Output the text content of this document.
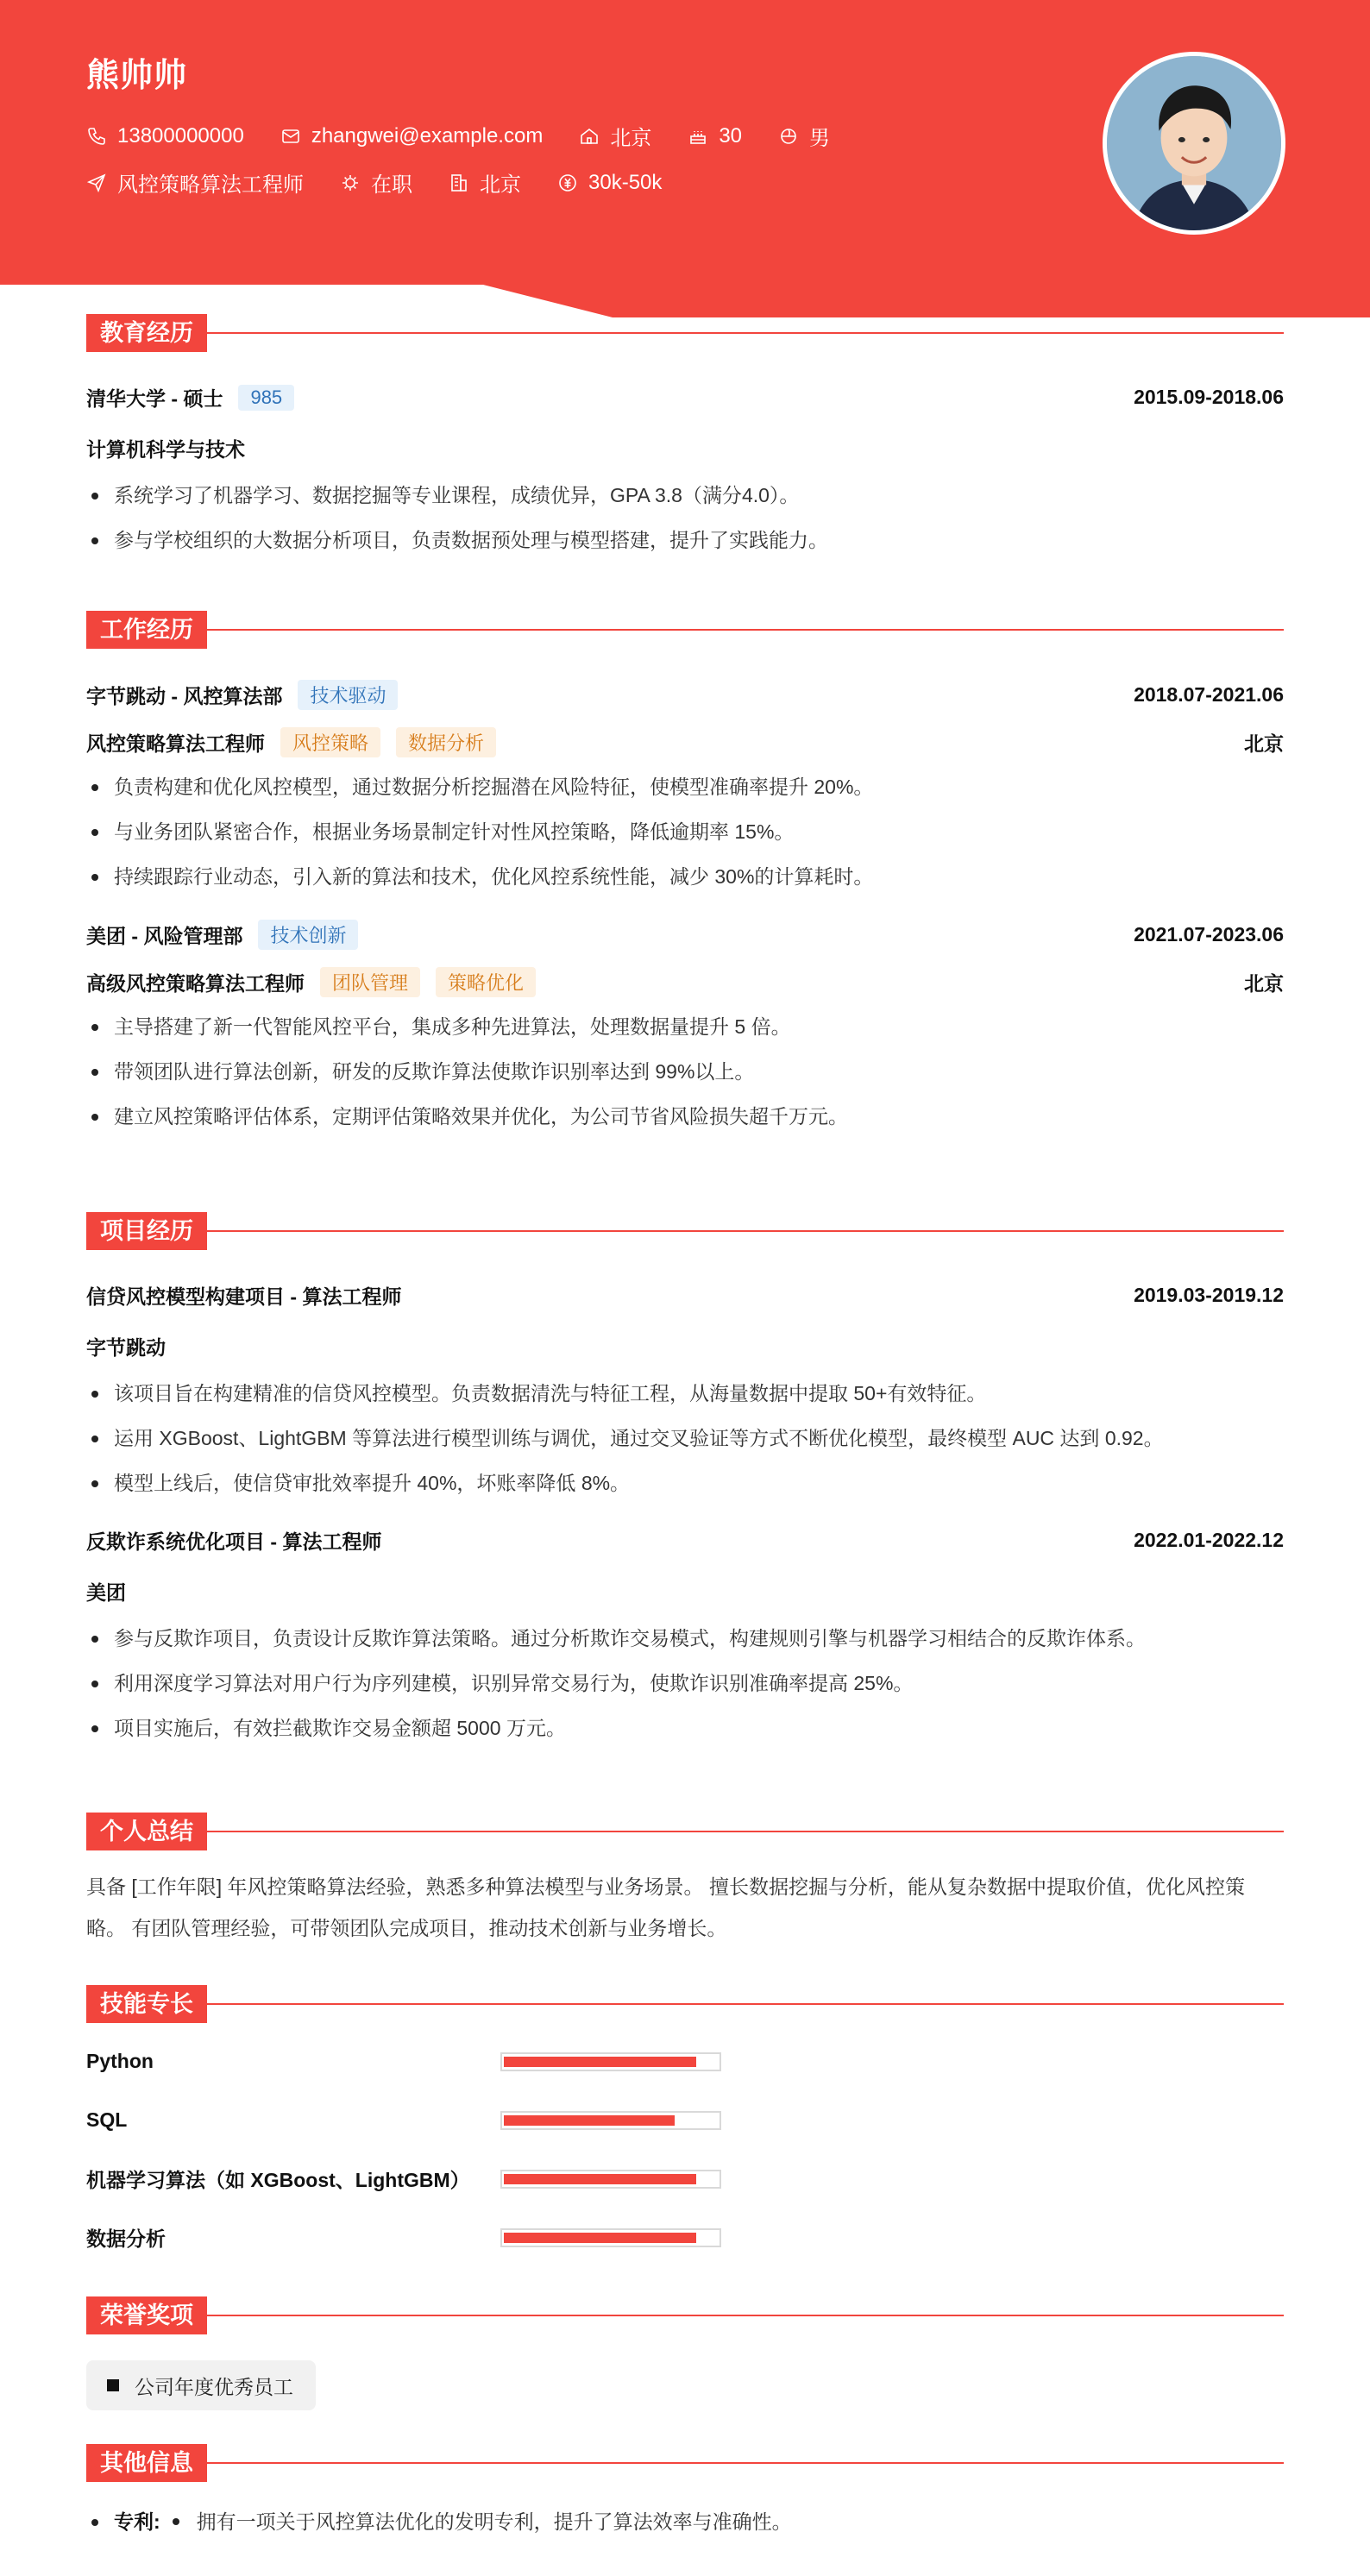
熊帅帅
13800000000	zhangwei@example.com	北京	30	男
风控策略算法工程师	在职	北京	30k-50k
教育经历
清华大学 - 硕士	985	2015.09-2018.06
计算机科学与技术
系统学习了机器学习、数据挖掘等专业课程，成绩优异，GPA 3.8（满分4.0）。
参与学校组织的大数据分析项目，负责数据预处理与模型搭建，提升了实践能力。
工作经历
字节跳动 - 风控算法部	技术驱动	2018.07-2021.06
风控策略算法工程师	风控策略	数据分析	北京
负责构建和优化风控模型，通过数据分析挖掘潜在风险特征，使模型准确率提升 20%。
与业务团队紧密合作，根据业务场景制定针对性风控策略，降低逾期率 15%。
持续跟踪行业动态，引入新的算法和技术，优化风控系统性能，减少 30%的计算耗时。
美团 - 风险管理部	技术创新	2021.07-2023.06
高级风控策略算法工程师	团队管理	策略优化	北京
主导搭建了新一代智能风控平台，集成多种先进算法，处理数据量提升 5 倍。
带领团队进行算法创新，研发的反欺诈算法使欺诈识别率达到 99%以上。
建立风控策略评估体系，定期评估策略效果并优化，为公司节省风险损失超千万元。
项目经历
信贷风控模型构建项目 - 算法工程师	2019.03-2019.12
字节跳动
该项目旨在构建精准的信贷风控模型。负责数据清洗与特征工程，从海量数据中提取 50+有效特征。
运用 XGBoost、LightGBM 等算法进行模型训练与调优，通过交叉验证等方式不断优化模型，最终模型 AUC 达到 0.92。
模型上线后，使信贷审批效率提升 40%，坏账率降低 8%。
反欺诈系统优化项目 - 算法工程师	2022.01-2022.12
美团
参与反欺诈项目，负责设计反欺诈算法策略。通过分析欺诈交易模式，构建规则引擎与机器学习相结合的反欺诈体系。
利用深度学习算法对用户行为序列建模，识别异常交易行为，使欺诈识别准确率提高 25%。
项目实施后，有效拦截欺诈交易金额超 5000 万元。
个人总结
具备 [工作年限] 年风控策略算法经验，熟悉多种算法模型与业务场景。 擅长数据挖掘与分析，能从复杂数据中提取价值，优化风控策略。 有团队管理经验，可带领团队完成项目，推动技术创新与业务增长。
技能专长
Python
SQL
机器学习算法（如 XGBoost、LightGBM）
数据分析
荣誉奖项
公司年度优秀员工
其他信息
专利: 拥有一项关于风控算法优化的发明专利，提升了算法效率与准确性。
